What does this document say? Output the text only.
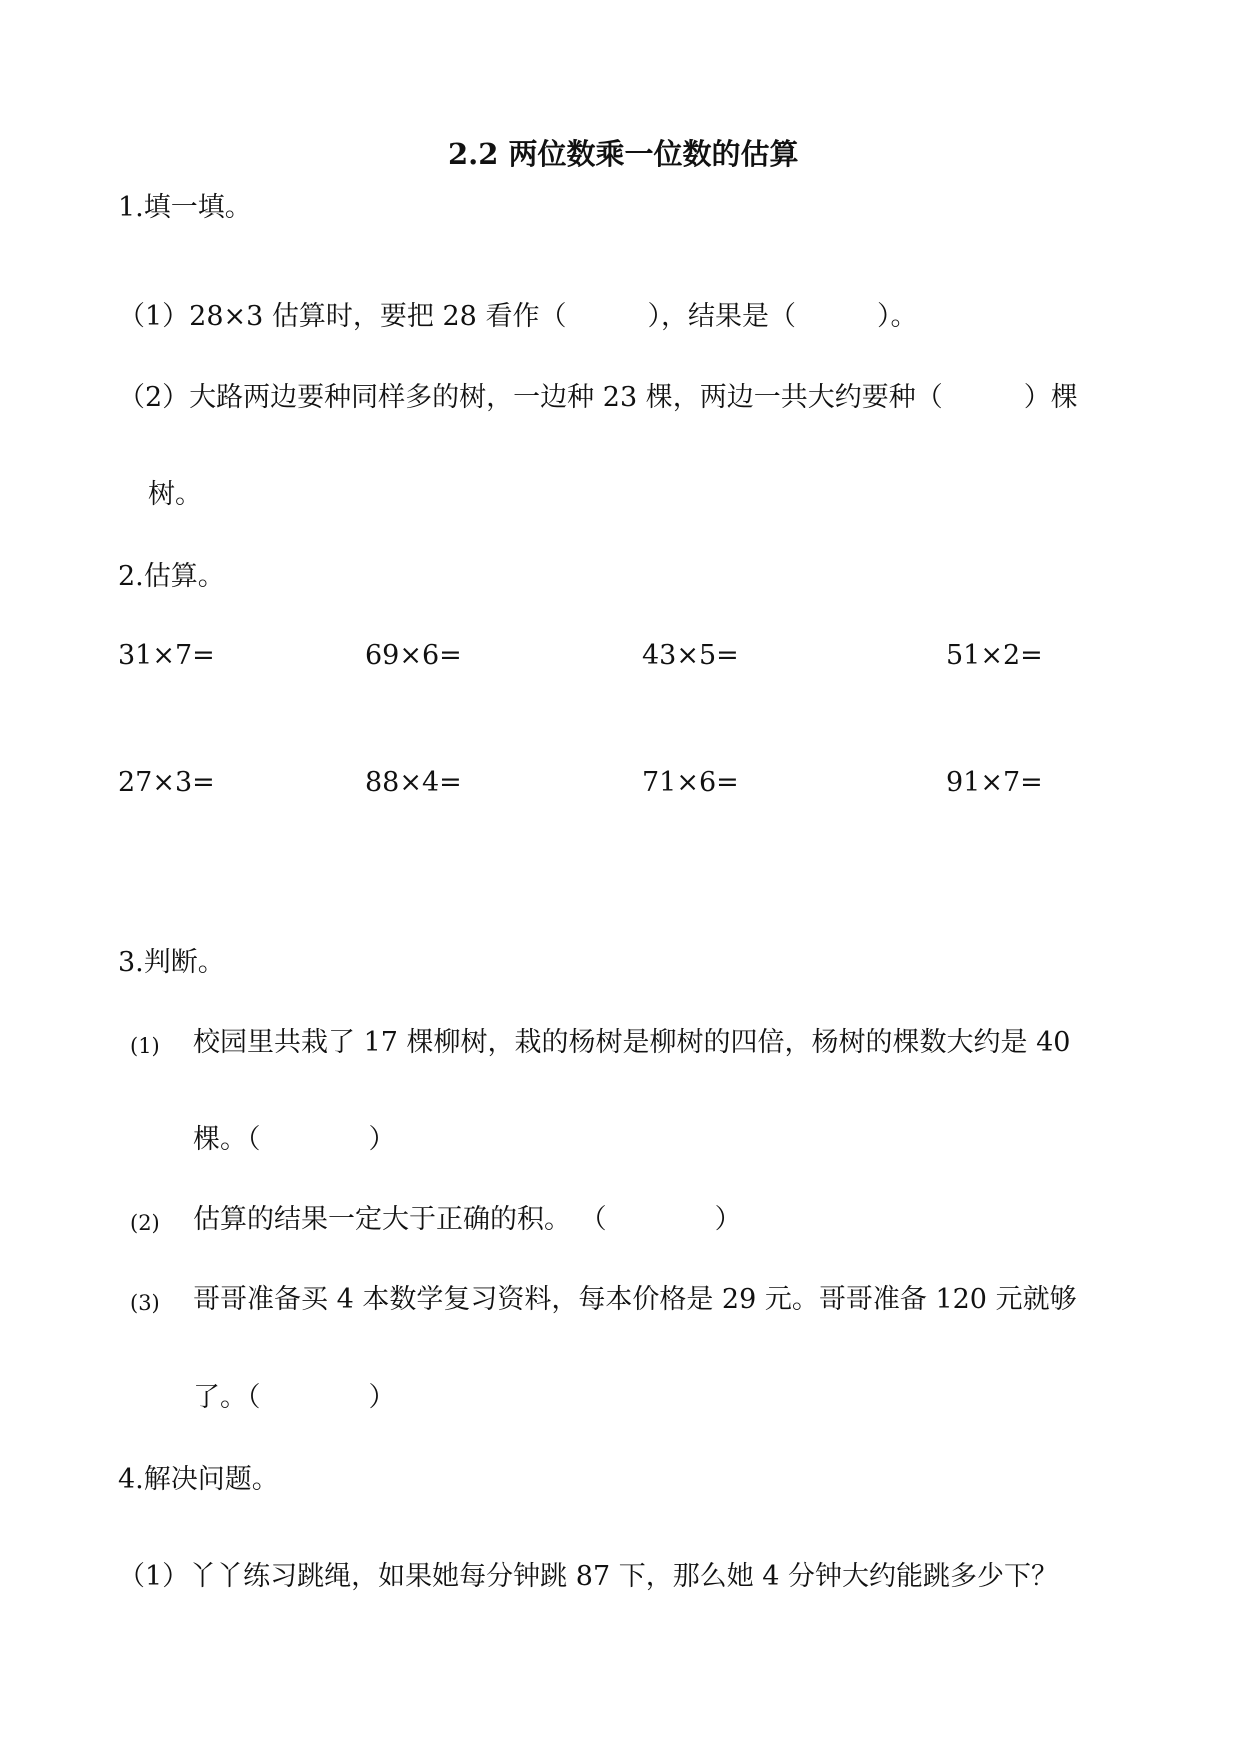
2.2 两位数乘一位数的估算
1.填一填。
（1）28×3 估算时，要把 28 看作（　　　），结果是（　　　）。
（2）大路两边要种同样多的树，一边种 23 棵，两边一共大约要种（　　　）棵
树。
2.估算。
31×7=	69×6=	43×5=	51×2=
27×3=	88×4=	71×6=	91×7=
3.判断。
(1) 校园里共栽了 17 棵柳树，栽的杨树是柳树的四倍，杨树的棵数大约是 40
棵。（　　　　）
(2) 估算的结果一定大于正确的积。 （　　　　）
(3) 哥哥准备买 4 本数学复习资料，每本价格是 29 元。哥哥准备 120 元就够
了。（　　　　）
4.解决问题。
（1）丫丫练习跳绳，如果她每分钟跳 87 下，那么她 4 分钟大约能跳多少下？
